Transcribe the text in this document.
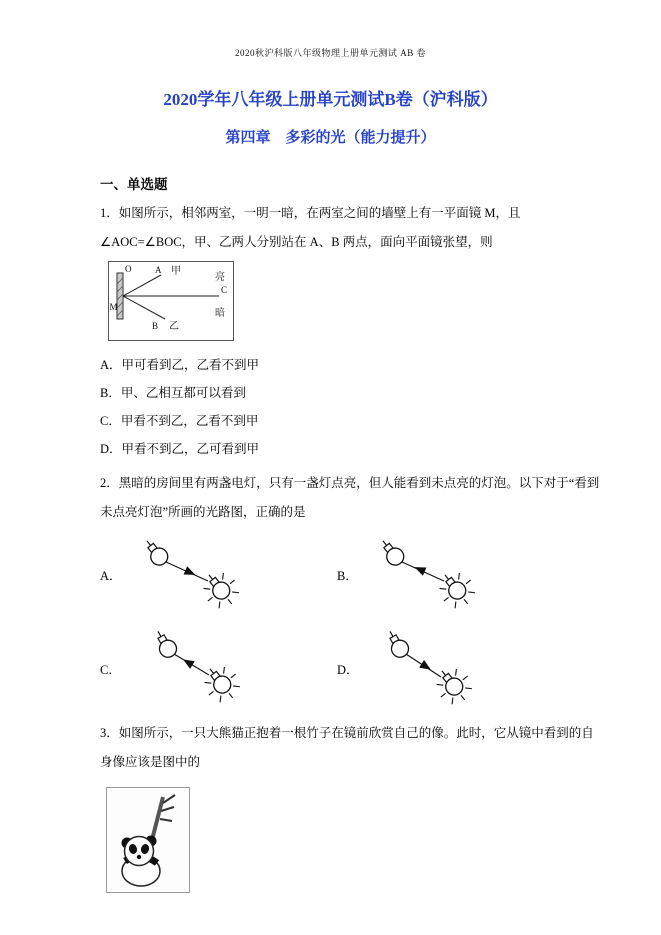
2020秋沪科版八年级物理上册单元测试 AB 卷
2020学年八年级上册单元测试B卷（沪科版）
第四章　多彩的光（能力提升）
一、单选题
1．如图所示，相邻两室，一明一暗，在两室之间的墙壁上有一平面镜 M，且
∠AOC=∠BOC，甲、乙两人分别站在 A、B 两点，面向平面镜张望，则
O
M
A 甲
B 乙
C
亮
暗
A．甲可看到乙，乙看不到甲
B．甲、乙相互都可以看到
C．甲看不到乙，乙看不到甲
D．甲看不到乙，乙可看到甲
2．黑暗的房间里有两盏电灯，只有一盏灯点亮，但人能看到未点亮的灯泡。以下对于“看到
未点亮灯泡”所画的光路图，正确的是
A．	B．
C．	D．
3．如图所示，一只大熊猫正抱着一根竹子在镜前欣赏自己的像。此时，它从镜中看到的自
身像应该是图中的
